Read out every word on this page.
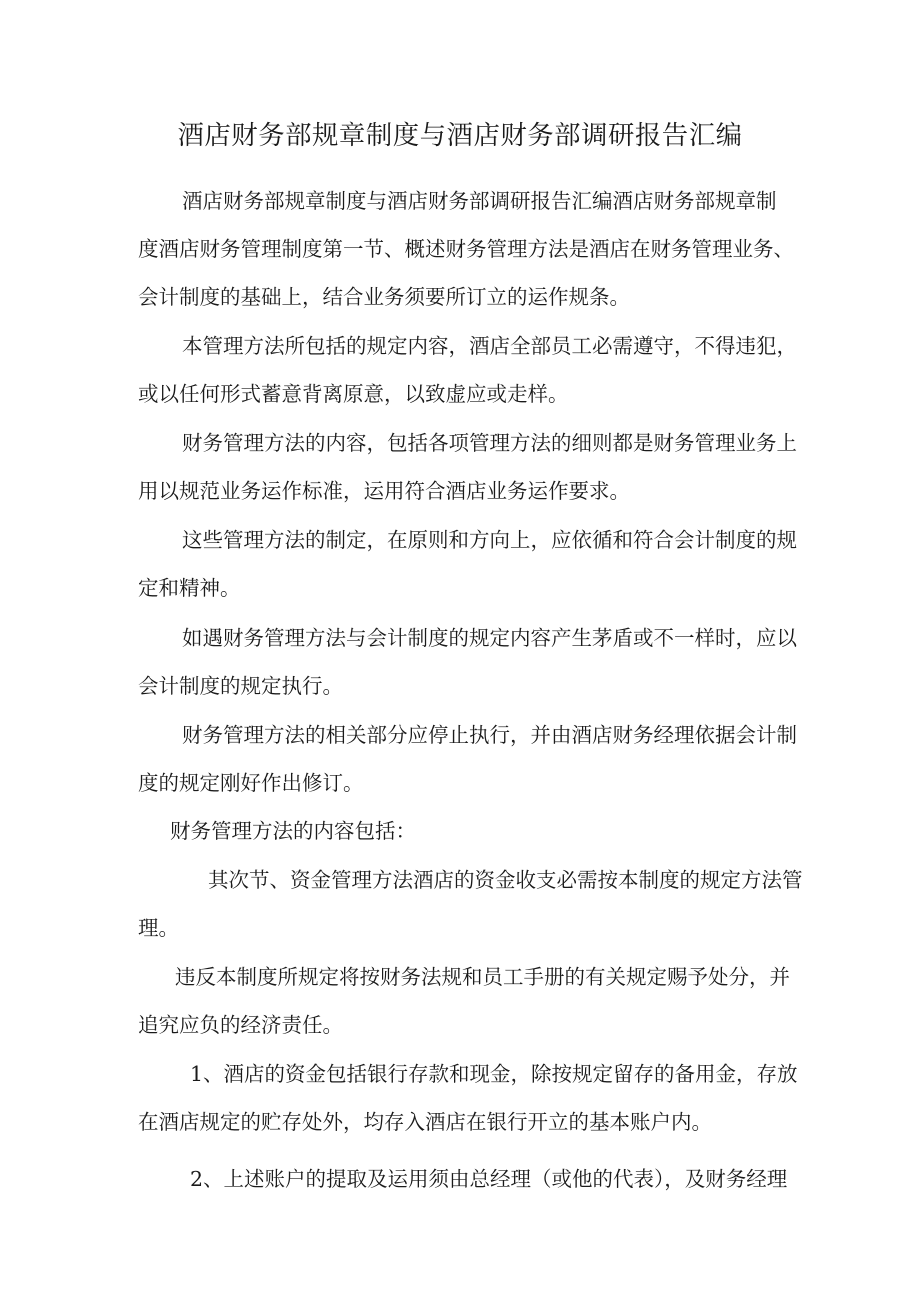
酒店财务部规章制度与酒店财务部调研报告汇编
酒店财务部规章制度与酒店财务部调研报告汇编酒店财务部规章制
度酒店财务管理制度第一节、概述财务管理方法是酒店在财务管理业务、
会计制度的基础上，结合业务须要所订立的运作规条。
本管理方法所包括的规定内容，酒店全部员工必需遵守，不得违犯，
或以任何形式蓄意背离原意，以致虚应或走样。
财务管理方法的内容，包括各项管理方法的细则都是财务管理业务上
用以规范业务运作标准，运用符合酒店业务运作要求。
这些管理方法的制定，在原则和方向上，应依循和符合会计制度的规
定和精神。
如遇财务管理方法与会计制度的规定内容产生茅盾或不一样时，应以
会计制度的规定执行。
财务管理方法的相关部分应停止执行，并由酒店财务经理依据会计制
度的规定刚好作出修订。
财务管理方法的内容包括：
其次节、资金管理方法酒店的资金收支必需按本制度的规定方法管
理。
违反本制度所规定将按财务法规和员工手册的有关规定赐予处分，并
追究应负的经济责任。
1、酒店的资金包括银行存款和现金，除按规定留存的备用金，存放
在酒店规定的贮存处外，均存入酒店在银行开立的基本账户内。
2、上述账户的提取及运用须由总经理（或他的代表），及财务经理
